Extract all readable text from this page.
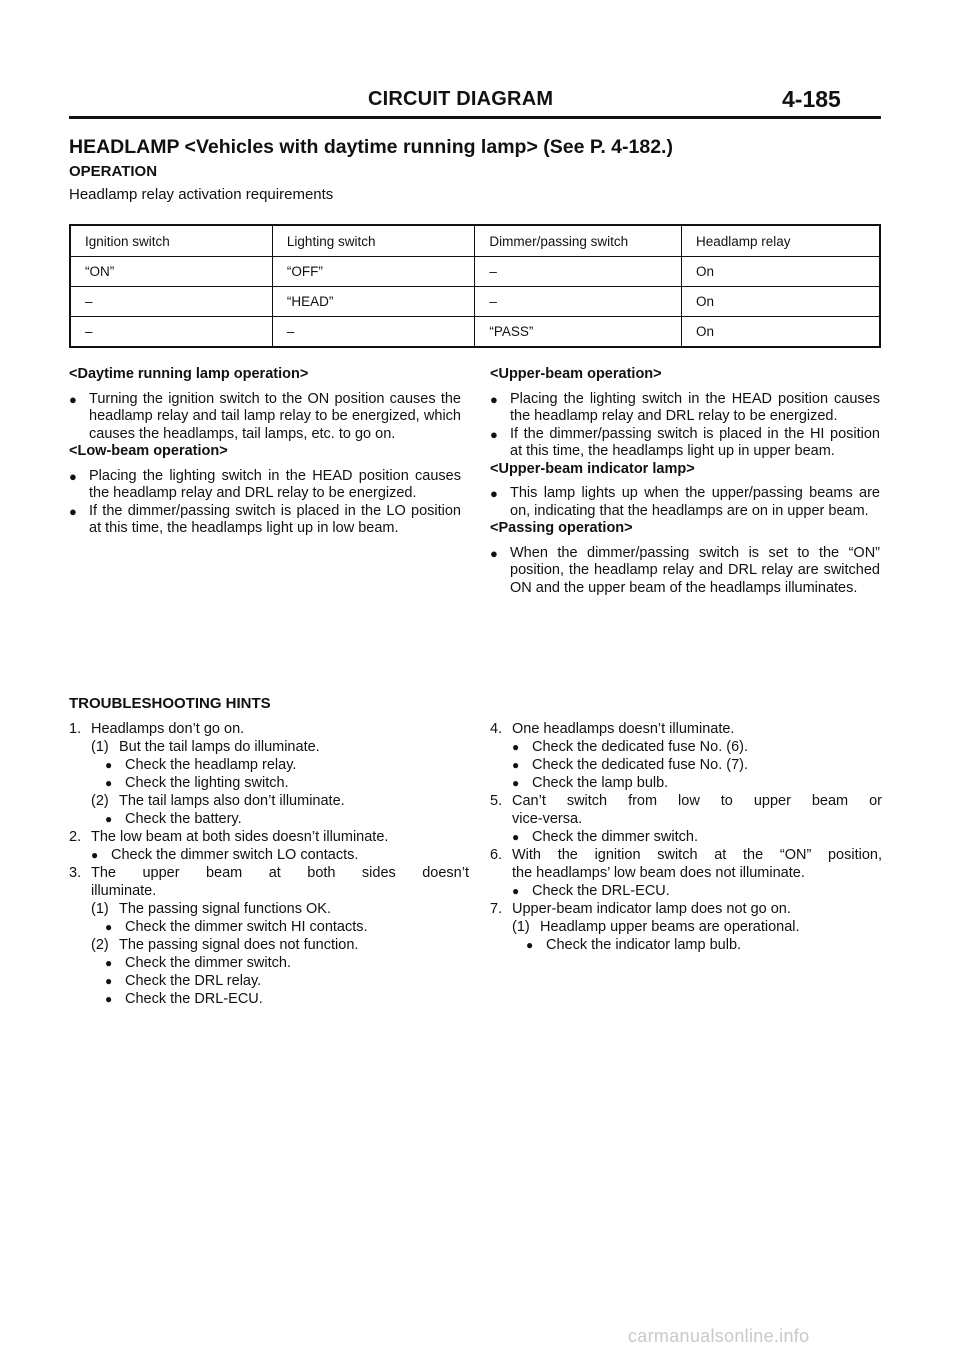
CIRCUIT DIAGRAM	4-185
HEADLAMP <Vehicles with daytime running lamp> (See P. 4-182.)
OPERATION
Headlamp relay activation requirements
Ignition switch	Lighting switch	Dimmer/passing switch	Headlamp relay
“ON”	“OFF”	–	On
–	“HEAD”	–	On
–	–	“PASS”	On
<Daytime running lamp operation>
● Turning the ignition switch to the ON position causes the headlamp relay and tail lamp relay to be energized, which causes the headlamps, tail lamps, etc. to go on.
<Low-beam operation>
● Placing the lighting switch in the HEAD position causes the headlamp relay and DRL relay to be energized.
● If the dimmer/passing switch is placed in the LO position at this time, the headlamps light up in low beam.
<Upper-beam operation>
● Placing the lighting switch in the HEAD position causes the headlamp relay and DRL relay to be energized.
● If the dimmer/passing switch is placed in the HI position at this time, the headlamps light up in upper beam.
<Upper-beam indicator lamp>
● This lamp lights up when the upper/passing beams are on, indicating that the headlamps are on in upper beam.
<Passing operation>
● When the dimmer/passing switch is set to the “ON” position, the headlamp relay and DRL relay are switched ON and the upper beam of the headlamps illuminates.
TROUBLESHOOTING HINTS
1. Headlamps don’t go on.
(1) But the tail lamps do illuminate.
● Check the headlamp relay.
● Check the lighting switch.
(2) The tail lamps also don’t illuminate.
● Check the battery.
2. The low beam at both sides doesn’t illuminate.
● Check the dimmer switch LO contacts.
3. The upper beam at both sides doesn’t
illuminate.
(1) The passing signal functions OK.
● Check the dimmer switch HI contacts.
(2) The passing signal does not function.
● Check the dimmer switch.
● Check the DRL relay.
● Check the DRL-ECU.
4. One headlamps doesn’t illuminate.
● Check the dedicated fuse No. (6).
● Check the dedicated fuse No. (7).
● Check the lamp bulb.
5. Can’t switch from low to upper beam or
vice-versa.
● Check the dimmer switch.
6. With the ignition switch at the “ON” position,
the headlamps’ low beam does not illuminate.
● Check the DRL-ECU.
7. Upper-beam indicator lamp does not go on.
(1) Headlamp upper beams are operational.
● Check the indicator lamp bulb.
carmanualsonline.info
